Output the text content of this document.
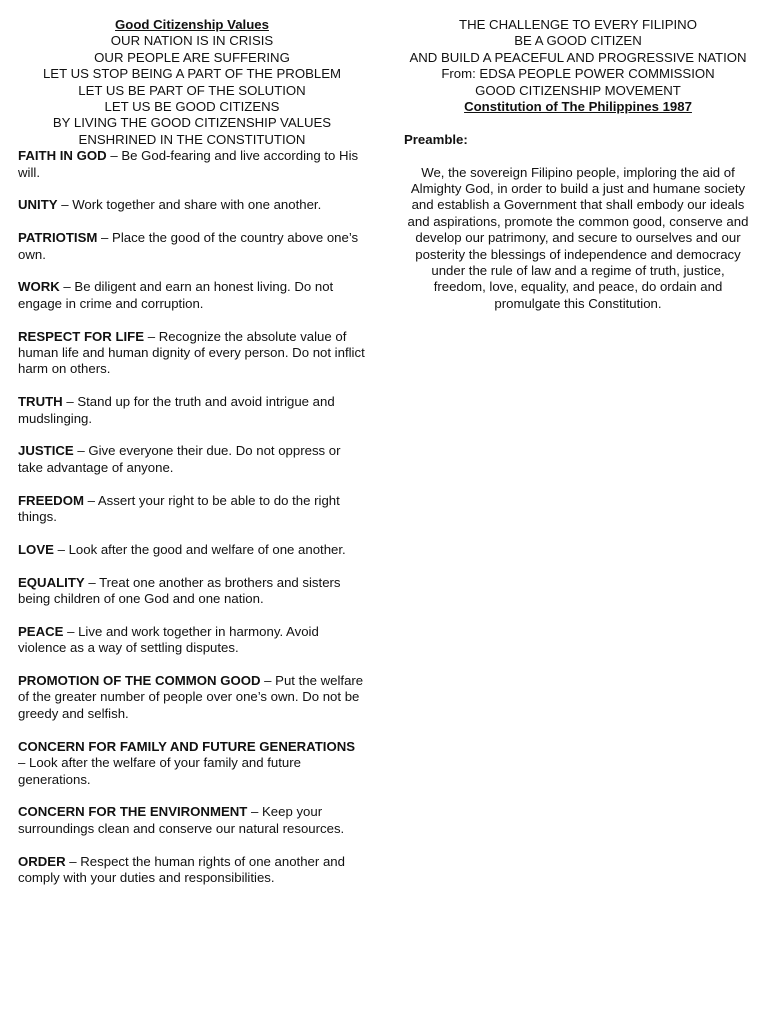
Good Citizenship Values
OUR NATION IS IN CRISIS
OUR PEOPLE ARE SUFFERING
LET US STOP BEING A PART OF THE PROBLEM
LET US BE PART OF THE SOLUTION
LET US BE GOOD CITIZENS
BY LIVING THE GOOD CITIZENSHIP VALUES
ENSHRINED IN THE CONSTITUTION

FAITH IN GOD – Be God-fearing and live according to His will.

UNITY – Work together and share with one another.

PATRIOTISM – Place the good of the country above one’s own.

WORK – Be diligent and earn an honest living. Do not engage in crime and corruption.

RESPECT FOR LIFE – Recognize the absolute value of human life and human dignity of every person. Do not inflict harm on others.

TRUTH – Stand up for the truth and avoid intrigue and mudslinging.

JUSTICE – Give everyone their due. Do not oppress or take advantage of anyone.

FREEDOM – Assert your right to be able to do the right things.

LOVE – Look after the good and welfare of one another.

EQUALITY – Treat one another as brothers and sisters being children of one God and one nation.

PEACE – Live and work together in harmony. Avoid violence as a way of settling disputes.

PROMOTION OF THE COMMON GOOD – Put the welfare of the greater number of people over one’s own. Do not be greedy and selfish.

CONCERN FOR FAMILY AND FUTURE GENERATIONS – Look after the welfare of your family and future generations.

CONCERN FOR THE ENVIRONMENT – Keep your surroundings clean and conserve our natural resources.

ORDER – Respect the human rights of one another and comply with your duties and responsibilities.

THE CHALLENGE TO EVERY FILIPINO
BE A GOOD CITIZEN
AND BUILD A PEACEFUL AND PROGRESSIVE NATION
From: EDSA PEOPLE POWER COMMISSION
GOOD CITIZENSHIP MOVEMENT
Constitution of The Philippines 1987
Preamble:
We, the sovereign Filipino people, imploring the aid of Almighty God, in order to build a just and humane society and establish a Government that shall embody our ideals and aspirations, promote the common good, conserve and develop our patrimony, and secure to ourselves and our posterity the blessings of independence and democracy under the rule of law and a regime of truth, justice, freedom, love, equality, and peace, do ordain and promulgate this Constitution.
